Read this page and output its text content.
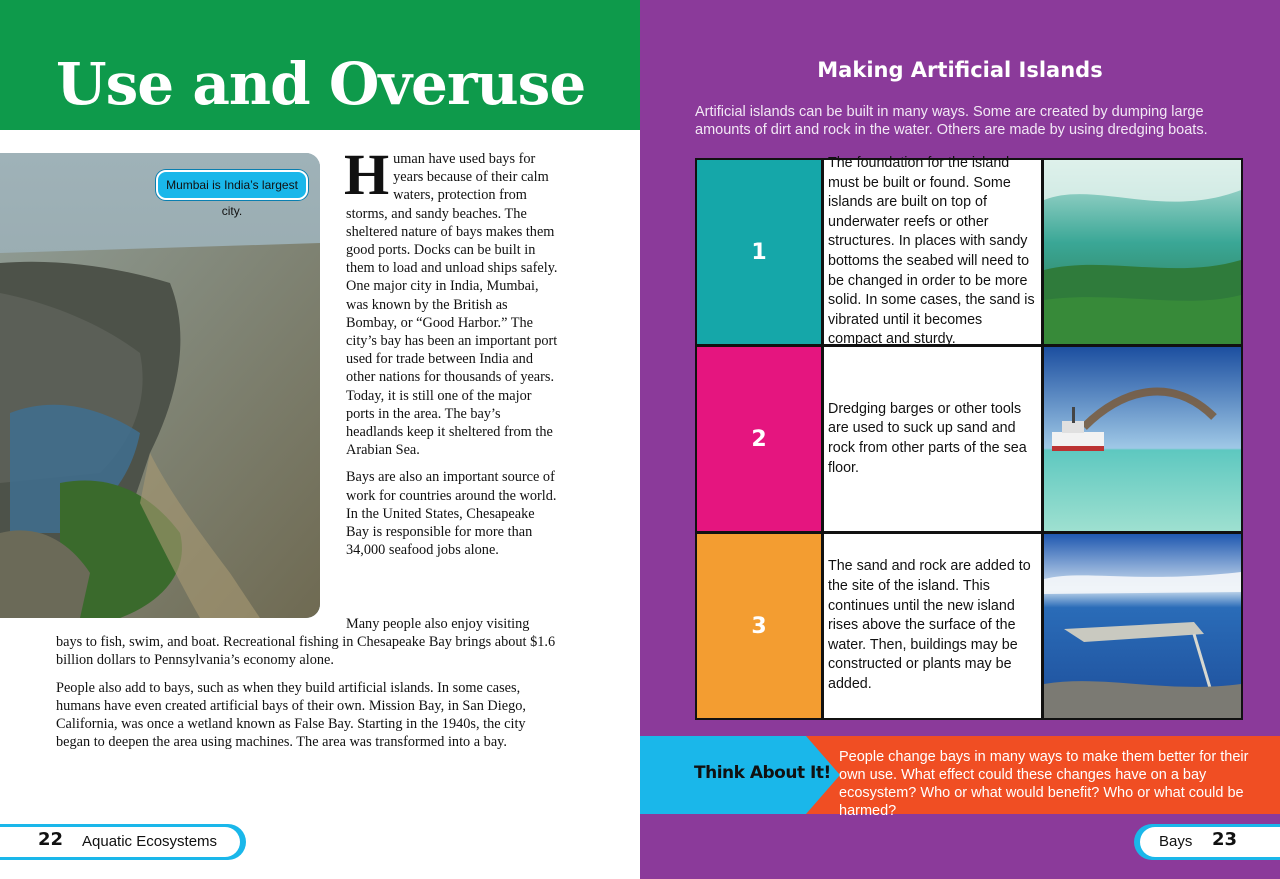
Use and Overuse
Mumbai is India’s largest city.

Human have used bays for years because of their calm waters, protection from storms, and sandy beaches. The sheltered nature of bays makes them good ports. Docks can be built in them to load and unload ships safely. One major city in India, Mumbai, was known by the British as Bombay, or “Good Harbor.” The city’s bay has been an important port used for trade between India and other nations for thousands of years. Today, it is still one of the major ports in the area. The bay’s headlands keep it sheltered from the Arabian Sea.

Bays are also an important source of work for countries around the world. In the United States, Chesapeake Bay is responsible for more than 34,000 seafood jobs alone.

Many people also enjoy visiting
bays to fish, swim, and boat. Recreational fishing in Chesapeake Bay brings about $1.6 billion dollars to Pennsylvania’s economy alone.

People also add to bays, such as when they build artificial islands. In some cases, humans have even created artificial bays of their own. Mission Bay, in San Diego, California, was once a wetland known as False Bay. Starting in the 1940s, the city began to deepen the area using machines. The area was transformed into a bay.

22 Aquatic Ecosystems
Making Artificial Islands
Artificial islands can be built in many ways. Some are created by dumping large amounts of dirt and rock in the water. Others are made by using dredging boats.
1
The foundation for the island must be built or found. Some islands are built on top of underwater reefs or other structures. In places with sandy bottoms the seabed will need to be changed in order to be more solid. In some cases, the sand is vibrated until it becomes compact and sturdy.
2
Dredging barges or other tools are used to suck up sand and rock from other parts of the sea floor.
3
The sand and rock are added to the site of the island. This continues until the new island rises above the surface of the water. Then, buildings may be constructed or plants may be added.
Think About It!
People change bays in many ways to make them better for their own use. What effect could these changes have on a bay ecosystem? Who or what would benefit? Who or what could be harmed?
Bays 23
